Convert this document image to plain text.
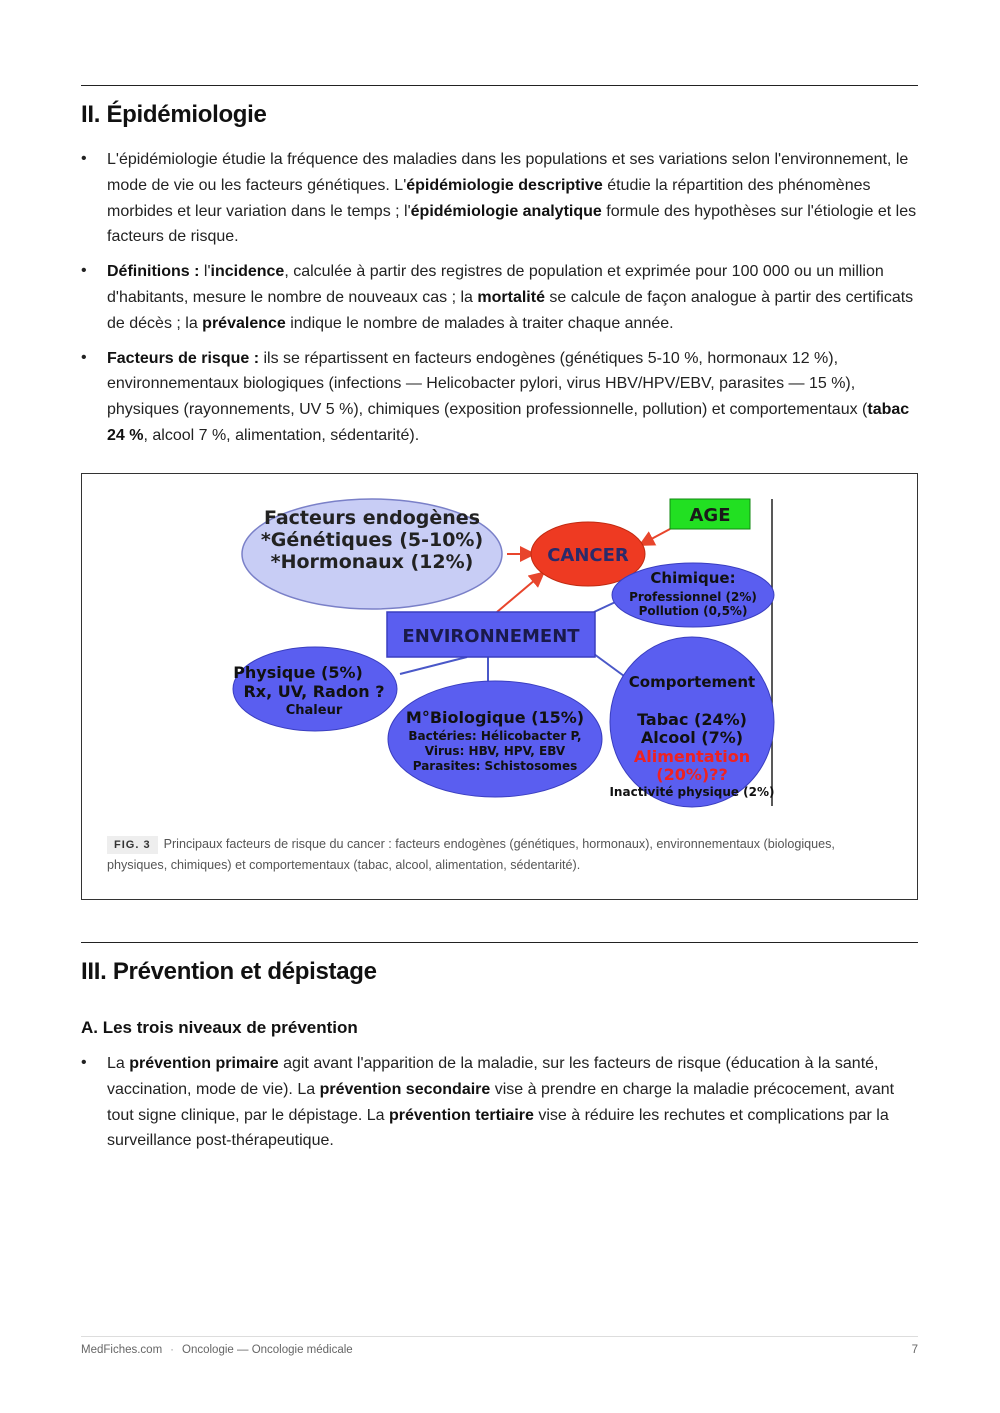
II. Épidémiologie
• L'épidémiologie étudie la fréquence des maladies dans les populations et ses variations selon l'environnement, le mode de vie ou les facteurs génétiques. L'épidémiologie descriptive étudie la répartition des phénomènes morbides et leur variation dans le temps ; l'épidémiologie analytique formule des hypothèses sur l'étiologie et les facteurs de risque.
• Définitions : l'incidence, calculée à partir des registres de population et exprimée pour 100 000 ou un million d'habitants, mesure le nombre de nouveaux cas ; la mortalité se calcule de façon analogue à partir des certificats de décès ; la prévalence indique le nombre de malades à traiter chaque année.
• Facteurs de risque : ils se répartissent en facteurs endogènes (génétiques 5-10 %, hormonaux 12 %), environnementaux biologiques (infections — Helicobacter pylori, virus HBV/HPV/EBV, parasites — 15 %), physiques (rayonnements, UV 5 %), chimiques (exposition professionnelle, pollution) et comportementaux (tabac 24 %, alcool 7 %, alimentation, sédentarité).
Facteurs endogènes
*Génétiques (5-10%)
*Hormonaux (12%)	CANCER
AGE
Chimique:
Professionnel (2%)
Pollution (0,5%)
ENVIRONNEMENT
Physique (5%)
Rx, UV, Radon ?
Chaleur	M°Biologique (15%)
Bactéries: Hélicobacter P,
Virus: HBV, HPV, EBV
Parasites: Schistosomes
Comportement
Tabac (24%)
Alcool (7%)
Alimentation
(20%)??
Inactivité physique (2%)
FIG. 3 Principaux facteurs de risque du cancer : facteurs endogènes (génétiques, hormonaux), environnementaux (biologiques, physiques, chimiques) et comportementaux (tabac, alcool, alimentation, sédentarité).
III. Prévention et dépistage
A. Les trois niveaux de prévention
• La prévention primaire agit avant l'apparition de la maladie, sur les facteurs de risque (éducation à la santé, vaccination, mode de vie). La prévention secondaire vise à prendre en charge la maladie précocement, avant tout signe clinique, par le dépistage. La prévention tertiaire vise à réduire les rechutes et complications par la surveillance post-thérapeutique.
MedFiches.com · Oncologie — Oncologie médicale	7
